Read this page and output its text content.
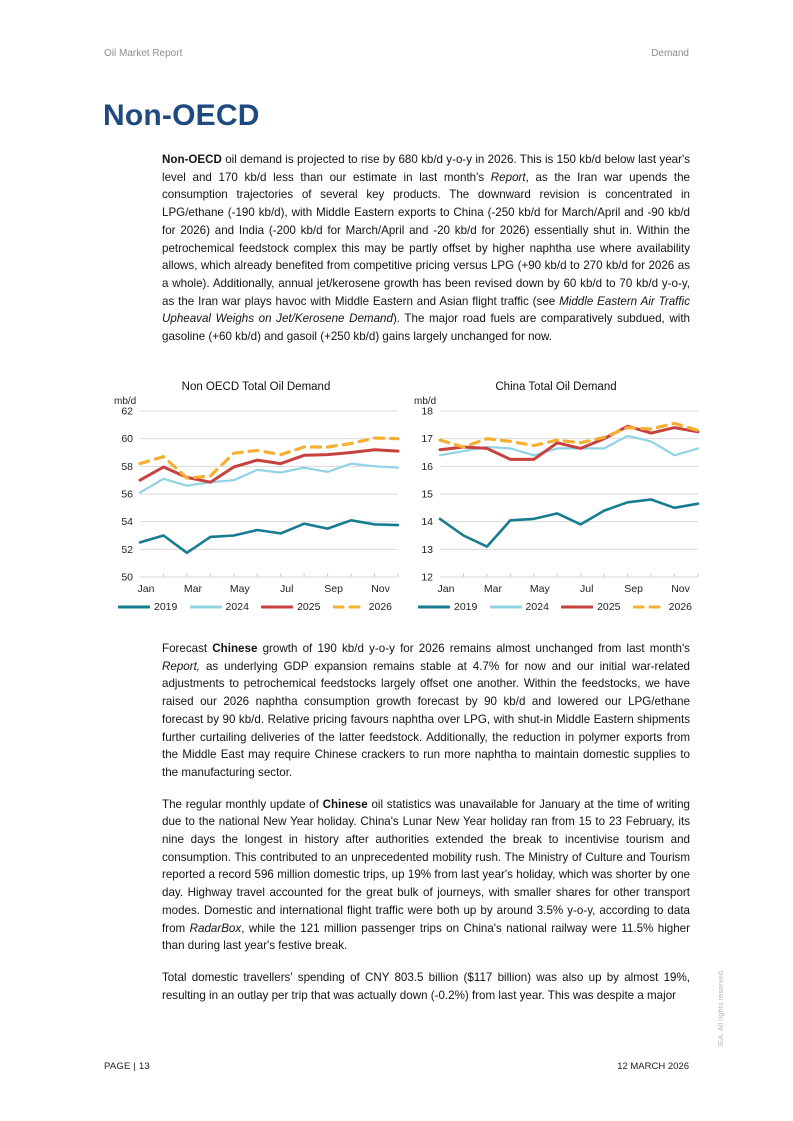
Oil Market Report	Demand
Non-OECD

Non-OECD oil demand is projected to rise by 680 kb/d y-o-y in 2026. This is 150 kb/d below last year's level and 170 kb/d less than our estimate in last month's Report, as the Iran war upends the consumption trajectories of several key products. The downward revision is concentrated in LPG/ethane (-190 kb/d), with Middle Eastern exports to China (-250 kb/d for March/April and -90 kb/d for 2026) and India (-200 kb/d for March/April and -20 kb/d for 2026) essentially shut in. Within the petrochemical feedstock complex this may be partly offset by higher naphtha use where availability allows, which already benefited from competitive pricing versus LPG (+90 kb/d to 270 kb/d for 2026 as a whole). Additionally, annual jet/kerosene growth has been revised down by 60 kb/d to 70 kb/d y-o-y, as the Iran war plays havoc with Middle Eastern and Asian flight traffic (see Middle Eastern Air Traffic Upheaval Weighs on Jet/Kerosene Demand). The major road fuels are comparatively subdued, with gasoline (+60 kb/d) and gasoil (+250 kb/d) gains largely unchanged for now.

mb/d
Non OECD Total Oil Demand
62
60
58
56
54
52
50
Jan	Mar	May	Jul	Sep	Nov
2019	2024	2025	2026
mb/d
China Total Oil Demand
18
17
16
15
14
13
12
Jan	Mar	May	Jul	Sep	Nov
2019	2024	2025	2026

Forecast Chinese growth of 190 kb/d y-o-y for 2026 remains almost unchanged from last month's Report, as underlying GDP expansion remains stable at 4.7% for now and our initial war-related adjustments to petrochemical feedstocks largely offset one another. Within the feedstocks, we have raised our 2026 naphtha consumption growth forecast by 90 kb/d and lowered our LPG/ethane forecast by 90 kb/d. Relative pricing favours naphtha over LPG, with shut-in Middle Eastern shipments further curtailing deliveries of the latter feedstock. Additionally, the reduction in polymer exports from the Middle East may require Chinese crackers to run more naphtha to maintain domestic supplies to the manufacturing sector.

The regular monthly update of Chinese oil statistics was unavailable for January at the time of writing due to the national New Year holiday. China's Lunar New Year holiday ran from 15 to 23 February, its nine days the longest in history after authorities extended the break to incentivise tourism and consumption. This contributed to an unprecedented mobility rush. The Ministry of Culture and Tourism reported a record 596 million domestic trips, up 19% from last year's holiday, which was shorter by one day. Highway travel accounted for the great bulk of journeys, with smaller shares for other transport modes. Domestic and international flight traffic were both up by around 3.5% y-o-y, according to data from RadarBox, while the 121 million passenger trips on China's national railway were 11.5% higher than during last year's festive break.

Total domestic travellers' spending of CNY 803.5 billion ($117 billion) was also up by almost 19%, resulting in an outlay per trip that was actually down (-0.2%) from last year. This was despite a major

PAGE | 13	12 MARCH 2026
IEA. All rights reserved.
